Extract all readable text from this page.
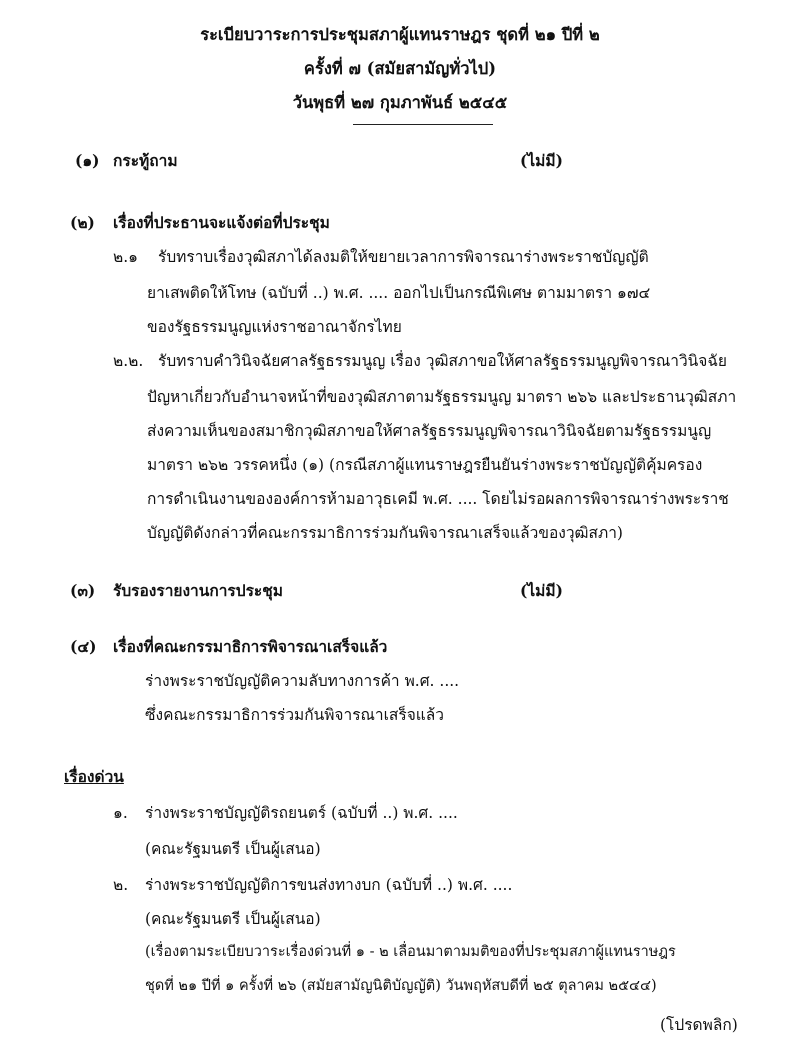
ระเบียบวาระการประชุมสภาผู้แทนราษฎร ชุดที่ ๒๑ ปีที่ ๒
ครั้งที่ ๗ (สมัยสามัญทั่วไป)
วันพุธที่ ๒๗ กุมภาพันธ์ ๒๕๔๕
(๑) กระทู้ถาม	(ไม่มี)
(๒) เรื่องที่ประธานจะแจ้งต่อที่ประชุม
๒.๑ รับทราบเรื่องวุฒิสภาได้ลงมติให้ขยายเวลาการพิจารณาร่างพระราชบัญญัติ
ยาเสพติดให้โทษ (ฉบับที่ ..) พ.ศ. .... ออกไปเป็นกรณีพิเศษ ตามมาตรา ๑๗๔
ของรัฐธรรมนูญแห่งราชอาณาจักรไทย
๒.๒. รับทราบคำวินิจฉัยศาลรัฐธรรมนูญ เรื่อง วุฒิสภาขอให้ศาลรัฐธรรมนูญพิจารณาวินิจฉัย
ปัญหาเกี่ยวกับอำนาจหน้าที่ของวุฒิสภาตามรัฐธรรมนูญ มาตรา ๒๖๖ และประธานวุฒิสภา
ส่งความเห็นของสมาชิกวุฒิสภาขอให้ศาลรัฐธรรมนูญพิจารณาวินิจฉัยตามรัฐธรรมนูญ
มาตรา ๒๖๒ วรรคหนึ่ง (๑) (กรณีสภาผู้แทนราษฎรยืนยันร่างพระราชบัญญัติคุ้มครอง
การดำเนินงานขององค์การห้ามอาวุธเคมี พ.ศ. .... โดยไม่รอผลการพิจารณาร่างพระราช
บัญญัติดังกล่าวที่คณะกรรมาธิการร่วมกันพิจารณาเสร็จแล้วของวุฒิสภา)
(๓) รับรองรายงานการประชุม	(ไม่มี)
(๔) เรื่องที่คณะกรรมาธิการพิจารณาเสร็จแล้ว
ร่างพระราชบัญญัติความลับทางการค้า พ.ศ. ....
ซึ่งคณะกรรมาธิการร่วมกันพิจารณาเสร็จแล้ว
เรื่องด่วน
๑. ร่างพระราชบัญญัติรถยนตร์ (ฉบับที่ ..) พ.ศ. ....
(คณะรัฐมนตรี เป็นผู้เสนอ)
๒. ร่างพระราชบัญญัติการขนส่งทางบก (ฉบับที่ ..) พ.ศ. ....
(คณะรัฐมนตรี เป็นผู้เสนอ)
(เรื่องตามระเบียบวาระเรื่องด่วนที่ ๑ - ๒ เลื่อนมาตามมติของที่ประชุมสภาผู้แทนราษฎร
ชุดที่ ๒๑ ปีที่ ๑ ครั้งที่ ๒๖ (สมัยสามัญนิติบัญญัติ) วันพฤหัสบดีที่ ๒๕ ตุลาคม ๒๕๔๔)
(โปรดพลิก)
